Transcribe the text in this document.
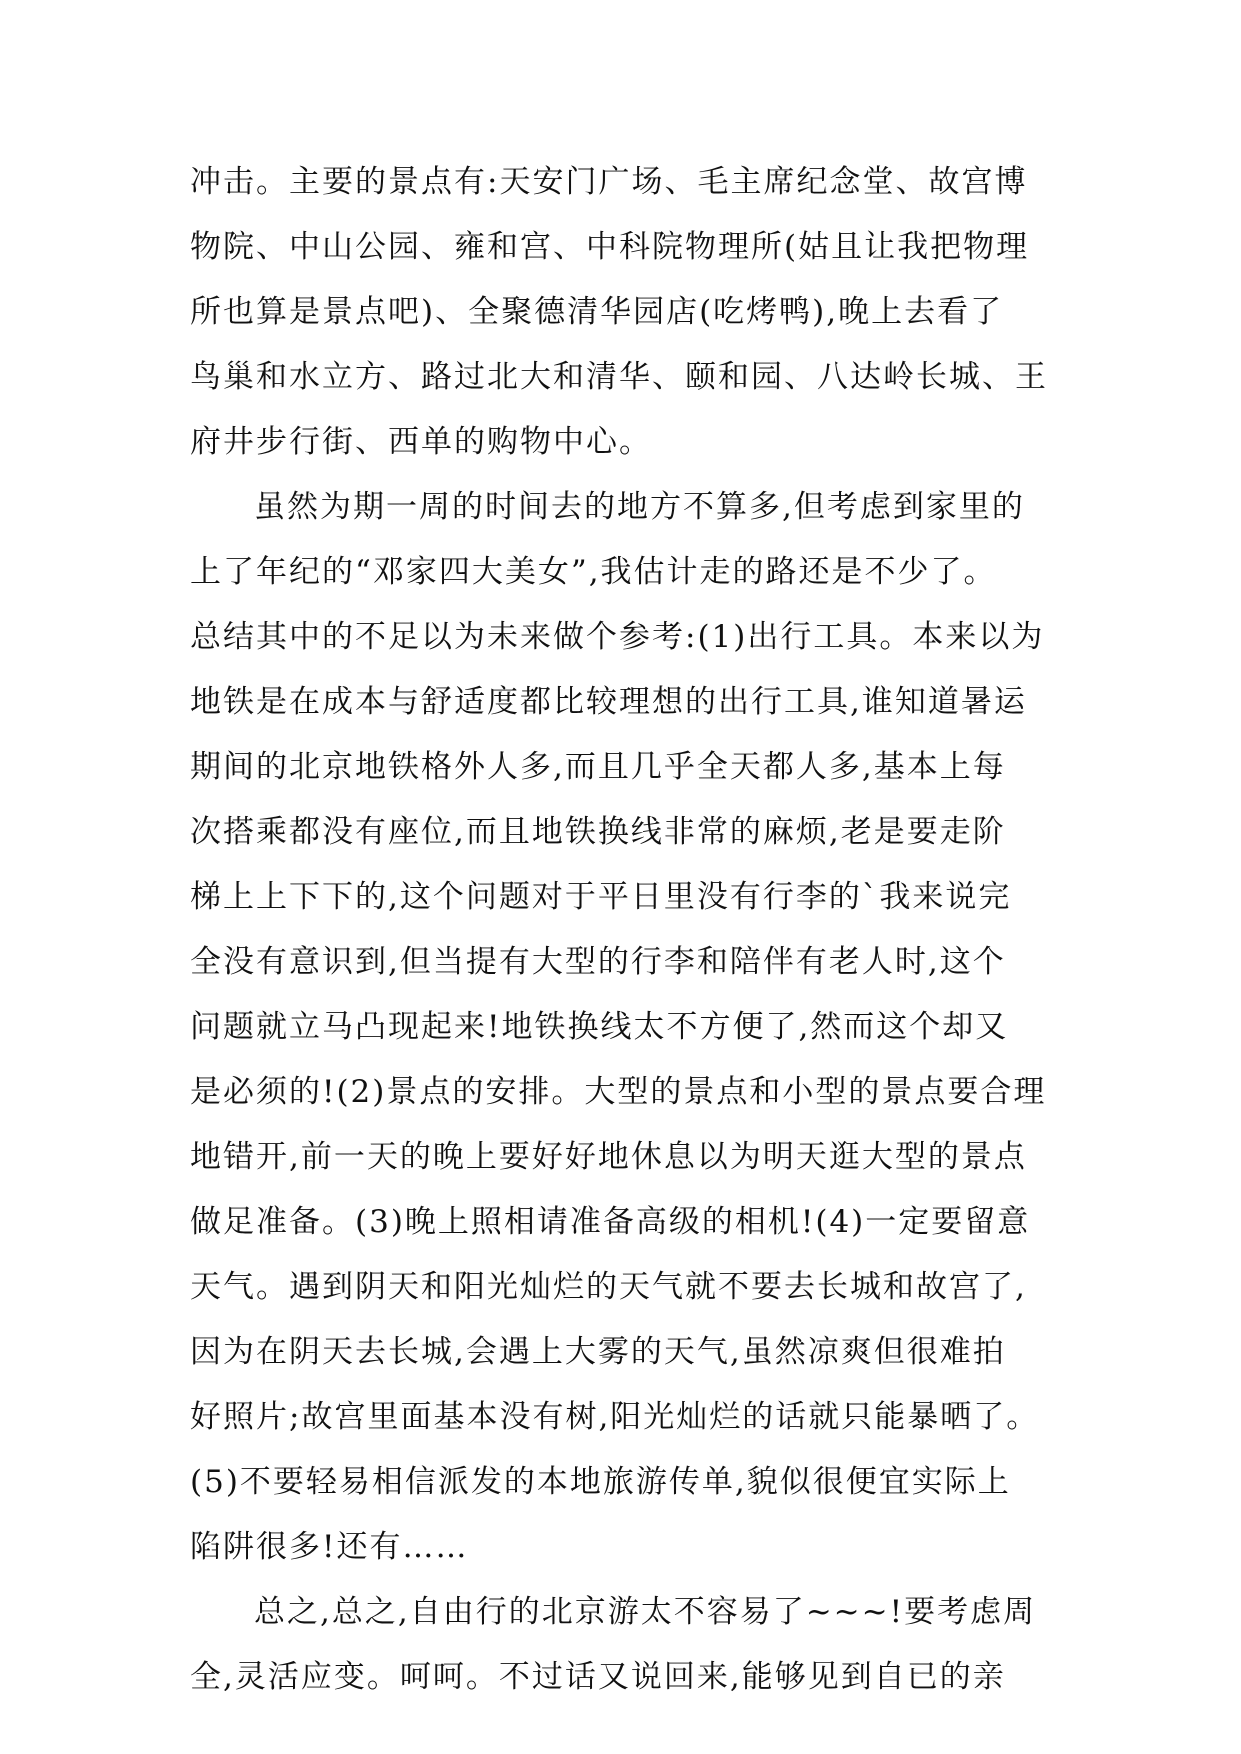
冲击。主要的景点有:天安门广场、毛主席纪念堂、故宫博
物院、中山公园、雍和宫、中科院物理所(姑且让我把物理
所也算是景点吧)、全聚德清华园店(吃烤鸭),晚上去看了
鸟巢和水立方、路过北大和清华、颐和园、八达岭长城、王
府井步行街、西单的购物中心。
虽然为期一周的时间去的地方不算多,但考虑到家里的
上了年纪的“邓家四大美女”,我估计走的路还是不少了。
总结其中的不足以为未来做个参考:(1)出行工具。本来以为
地铁是在成本与舒适度都比较理想的出行工具,谁知道暑运
期间的北京地铁格外人多,而且几乎全天都人多,基本上每
次搭乘都没有座位,而且地铁换线非常的麻烦,老是要走阶
梯上上下下的,这个问题对于平日里没有行李的`我来说完
全没有意识到,但当提有大型的行李和陪伴有老人时,这个
问题就立马凸现起来!地铁换线太不方便了,然而这个却又
是必须的!(2)景点的安排。大型的景点和小型的景点要合理
地错开,前一天的晚上要好好地休息以为明天逛大型的景点
做足准备。(3)晚上照相请准备高级的相机!(4)一定要留意
天气。遇到阴天和阳光灿烂的天气就不要去长城和故宫了,
因为在阴天去长城,会遇上大雾的天气,虽然凉爽但很难拍
好照片;故宫里面基本没有树,阳光灿烂的话就只能暴晒了。
(5)不要轻易相信派发的本地旅游传单,貌似很便宜实际上
陷阱很多!还有……
总之,总之,自由行的北京游太不容易了~~~!要考虑周
全,灵活应变。呵呵。不过话又说回来,能够见到自已的亲
